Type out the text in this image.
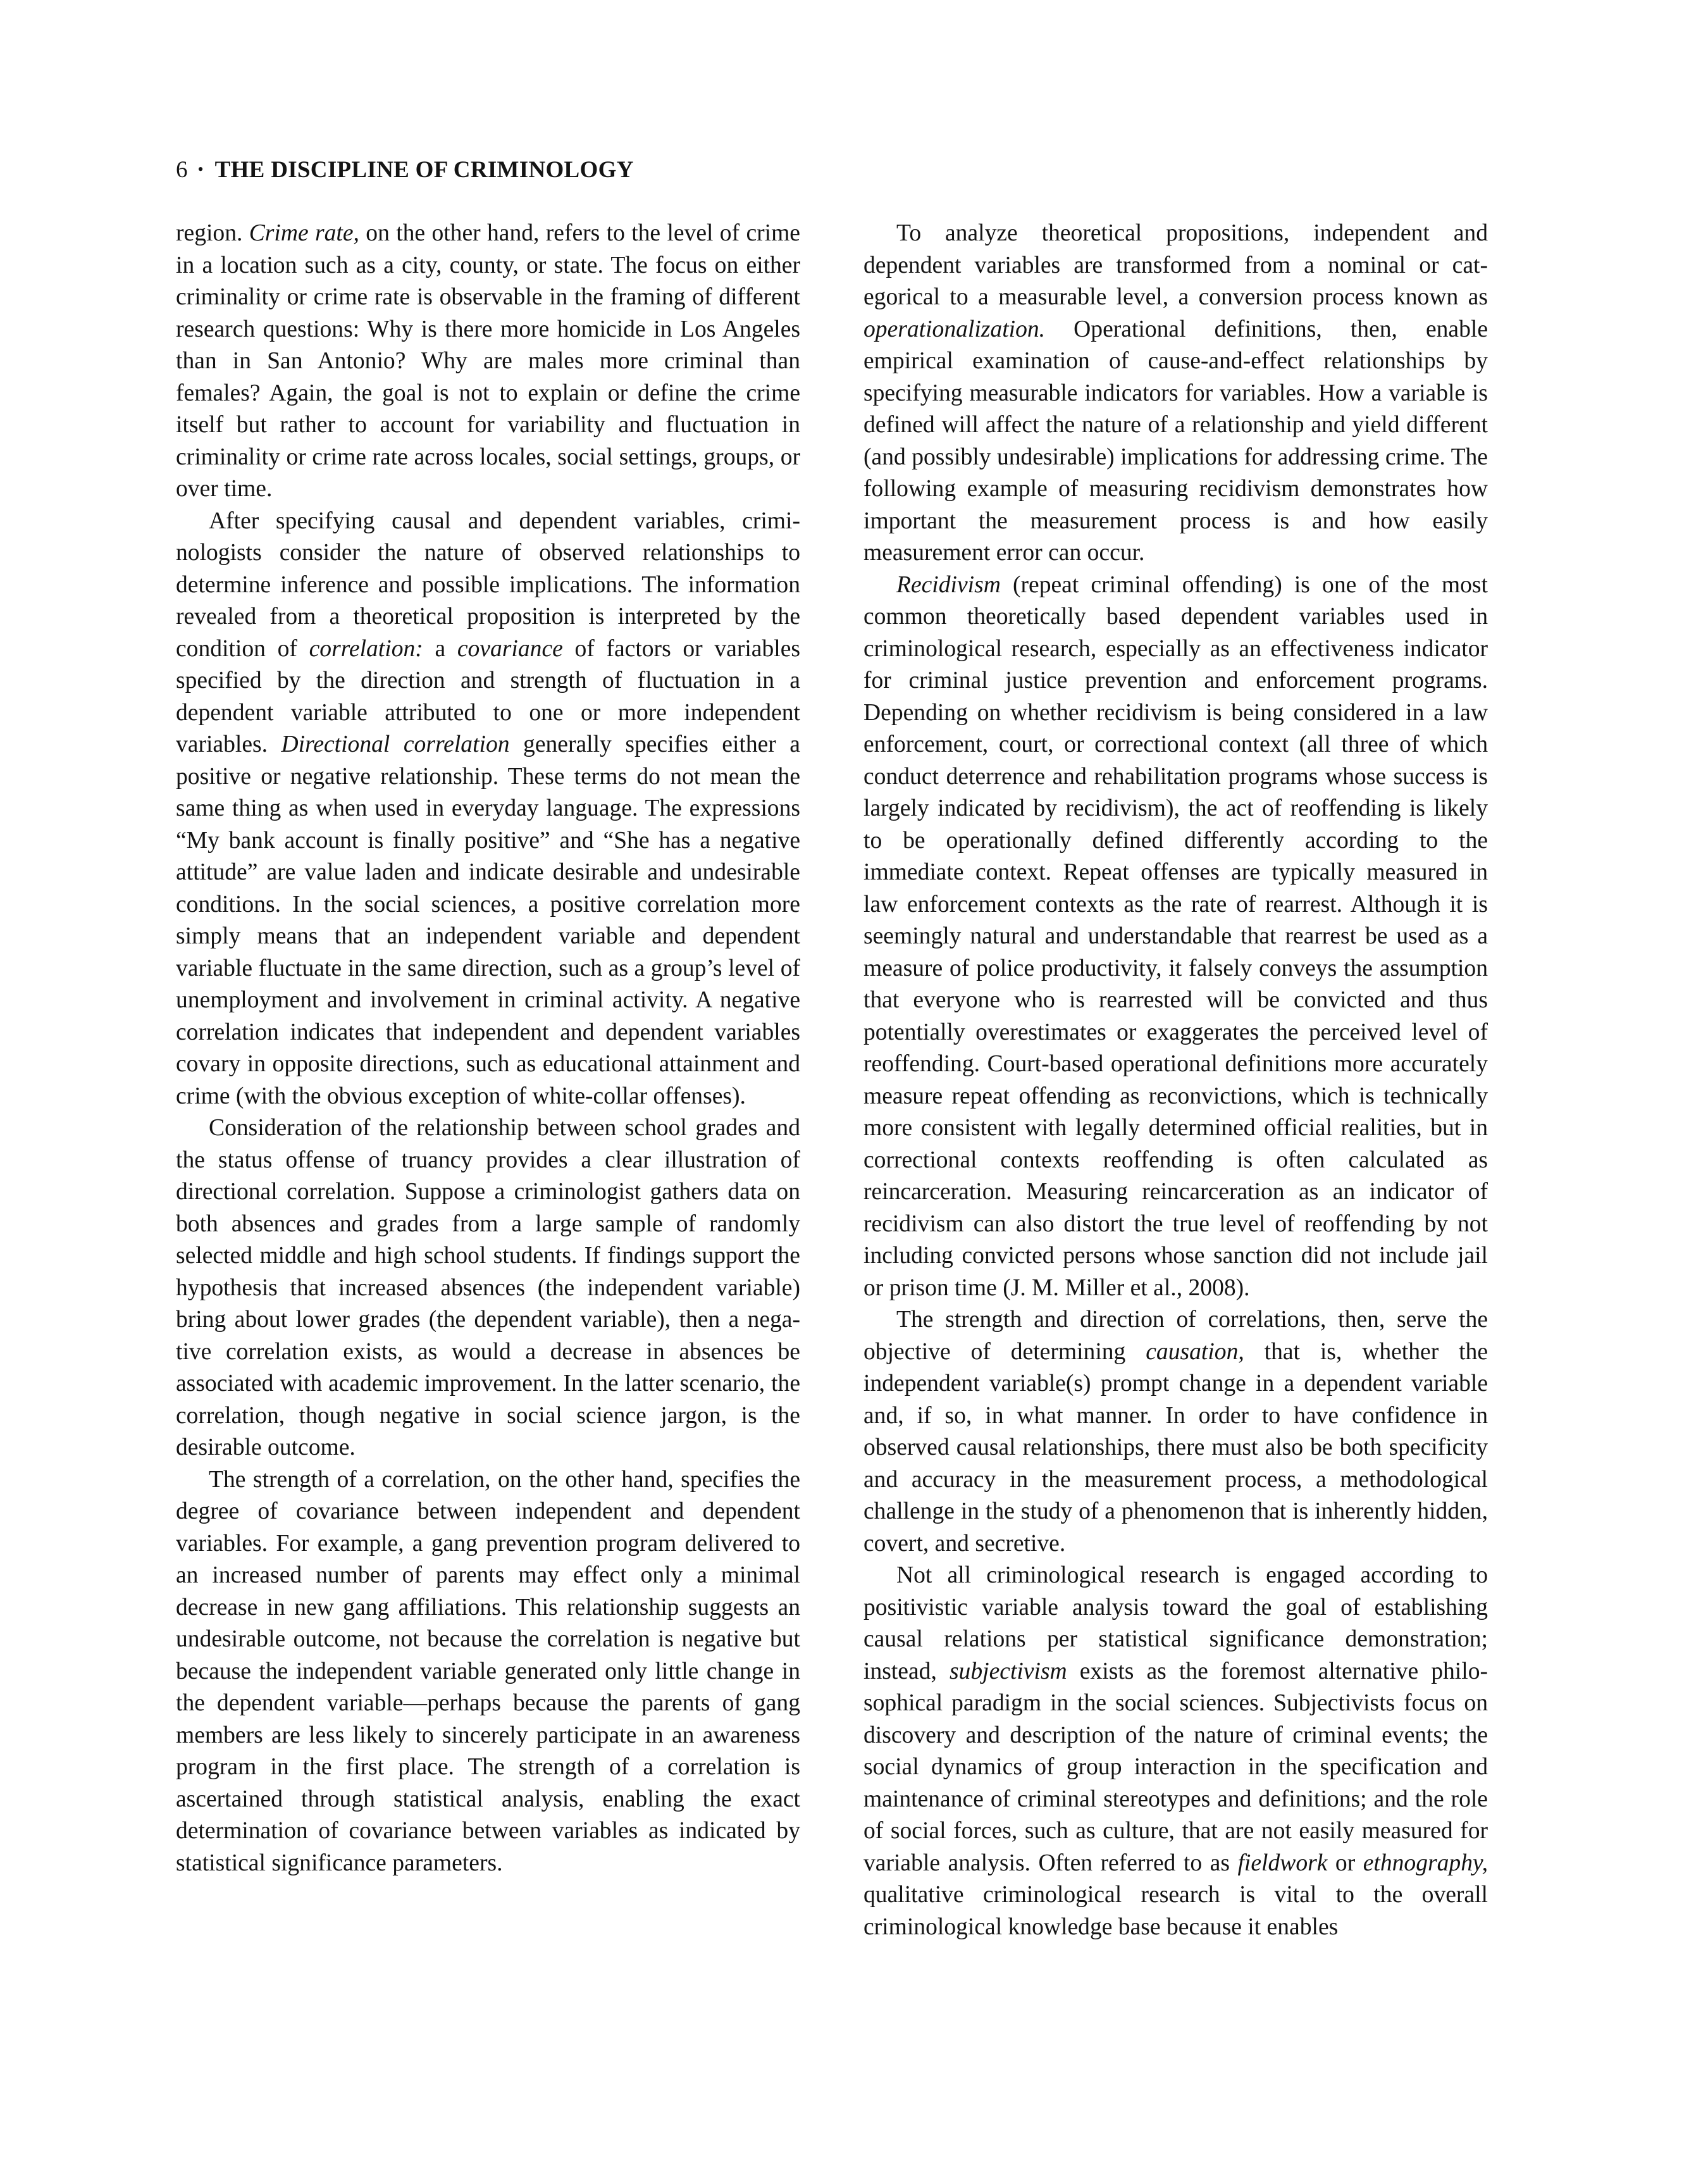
6 • THE DISCIPLINE OF CRIMINOLOGY

region. Crime rate, on the other hand, refers to the level of crime in a location such as a city, county, or state. The focus on either criminality or crime rate is observable in the framing of different research questions: Why is there more homicide in Los Angeles than in San Antonio? Why are males more criminal than females? Again, the goal is not to explain or define the crime itself but rather to account for variability and fluctuation in criminality or crime rate across locales, social settings, groups, or over time.

After specifying causal and dependent variables, criminologists consider the nature of observed relationships to determine inference and possible implications. The information revealed from a theoretical proposition is interpreted by the condition of correlation: a covariance of factors or variables specified by the direction and strength of fluctuation in a dependent variable attributed to one or more independent variables. Directional correlation generally specifies either a positive or negative relationship. These terms do not mean the same thing as when used in everyday language. The expressions “My bank account is finally positive” and “She has a negative attitude” are value laden and indicate desirable and undesirable conditions. In the social sciences, a positive correlation more simply means that an independent variable and dependent variable fluctuate in the same direction, such as a group’s level of unemployment and involvement in criminal activity. A negative correlation indicates that independent and dependent variables covary in opposite directions, such as educational attainment and crime (with the obvious exception of white-collar offenses).

Consideration of the relationship between school grades and the status offense of truancy provides a clear illustration of directional correlation. Suppose a criminologist gathers data on both absences and grades from a large sample of randomly selected middle and high school students. If findings support the hypothesis that increased absences (the independent variable) bring about lower grades (the dependent variable), then a negative correlation exists, as would a decrease in absences be associated with academic improvement. In the latter scenario, the correlation, though negative in social science jargon, is the desirable outcome.

The strength of a correlation, on the other hand, specifies the degree of covariance between independent and dependent variables. For example, a gang prevention program delivered to an increased number of parents may effect only a minimal decrease in new gang affiliations. This relationship suggests an undesirable outcome, not because the correlation is negative but because the independent variable generated only little change in the dependent variable—perhaps because the parents of gang members are less likely to sincerely participate in an awareness program in the first place. The strength of a correlation is ascertained through statistical analysis, enabling the exact determination of covariance between variables as indicated by statistical significance parameters.

To analyze theoretical propositions, independent and dependent variables are transformed from a nominal or categorical to a measurable level, a conversion process known as operationalization. Operational definitions, then, enable empirical examination of cause-and-effect relationships by specifying measurable indicators for variables. How a variable is defined will affect the nature of a relationship and yield different (and possibly undesirable) implications for addressing crime. The following example of measuring recidivism demonstrates how important the measurement process is and how easily measurement error can occur.

Recidivism (repeat criminal offending) is one of the most common theoretically based dependent variables used in criminological research, especially as an effectiveness indicator for criminal justice prevention and enforcement programs. Depending on whether recidivism is being considered in a law enforcement, court, or correctional context (all three of which conduct deterrence and rehabilitation programs whose success is largely indicated by recidivism), the act of reoffending is likely to be operationally defined differently according to the immediate context. Repeat offenses are typically measured in law enforcement contexts as the rate of rearrest. Although it is seemingly natural and understandable that rearrest be used as a measure of police productivity, it falsely conveys the assumption that everyone who is rearrested will be convicted and thus potentially overestimates or exaggerates the perceived level of reoffending. Court-based operational definitions more accurately measure repeat offending as reconvictions, which is technically more consistent with legally determined official realities, but in correctional contexts reoffending is often calculated as reincarceration. Measuring reincarceration as an indicator of recidivism can also distort the true level of reoffending by not including convicted persons whose sanction did not include jail or prison time (J. M. Miller et al., 2008).

The strength and direction of correlations, then, serve the objective of determining causation, that is, whether the independent variable(s) prompt change in a dependent variable and, if so, in what manner. In order to have confidence in observed causal relationships, there must also be both specificity and accuracy in the measurement process, a methodological challenge in the study of a phenomenon that is inherently hidden, covert, and secretive.

Not all criminological research is engaged according to positivistic variable analysis toward the goal of establishing causal relations per statistical significance demonstration; instead, subjectivism exists as the foremost alternative philosophical paradigm in the social sciences. Subjectivists focus on discovery and description of the nature of criminal events; the social dynamics of group interaction in the specification and maintenance of criminal stereotypes and definitions; and the role of social forces, such as culture, that are not easily measured for variable analysis. Often referred to as fieldwork or ethnography, qualitative criminological research is vital to the overall criminological knowledge base because it enables
